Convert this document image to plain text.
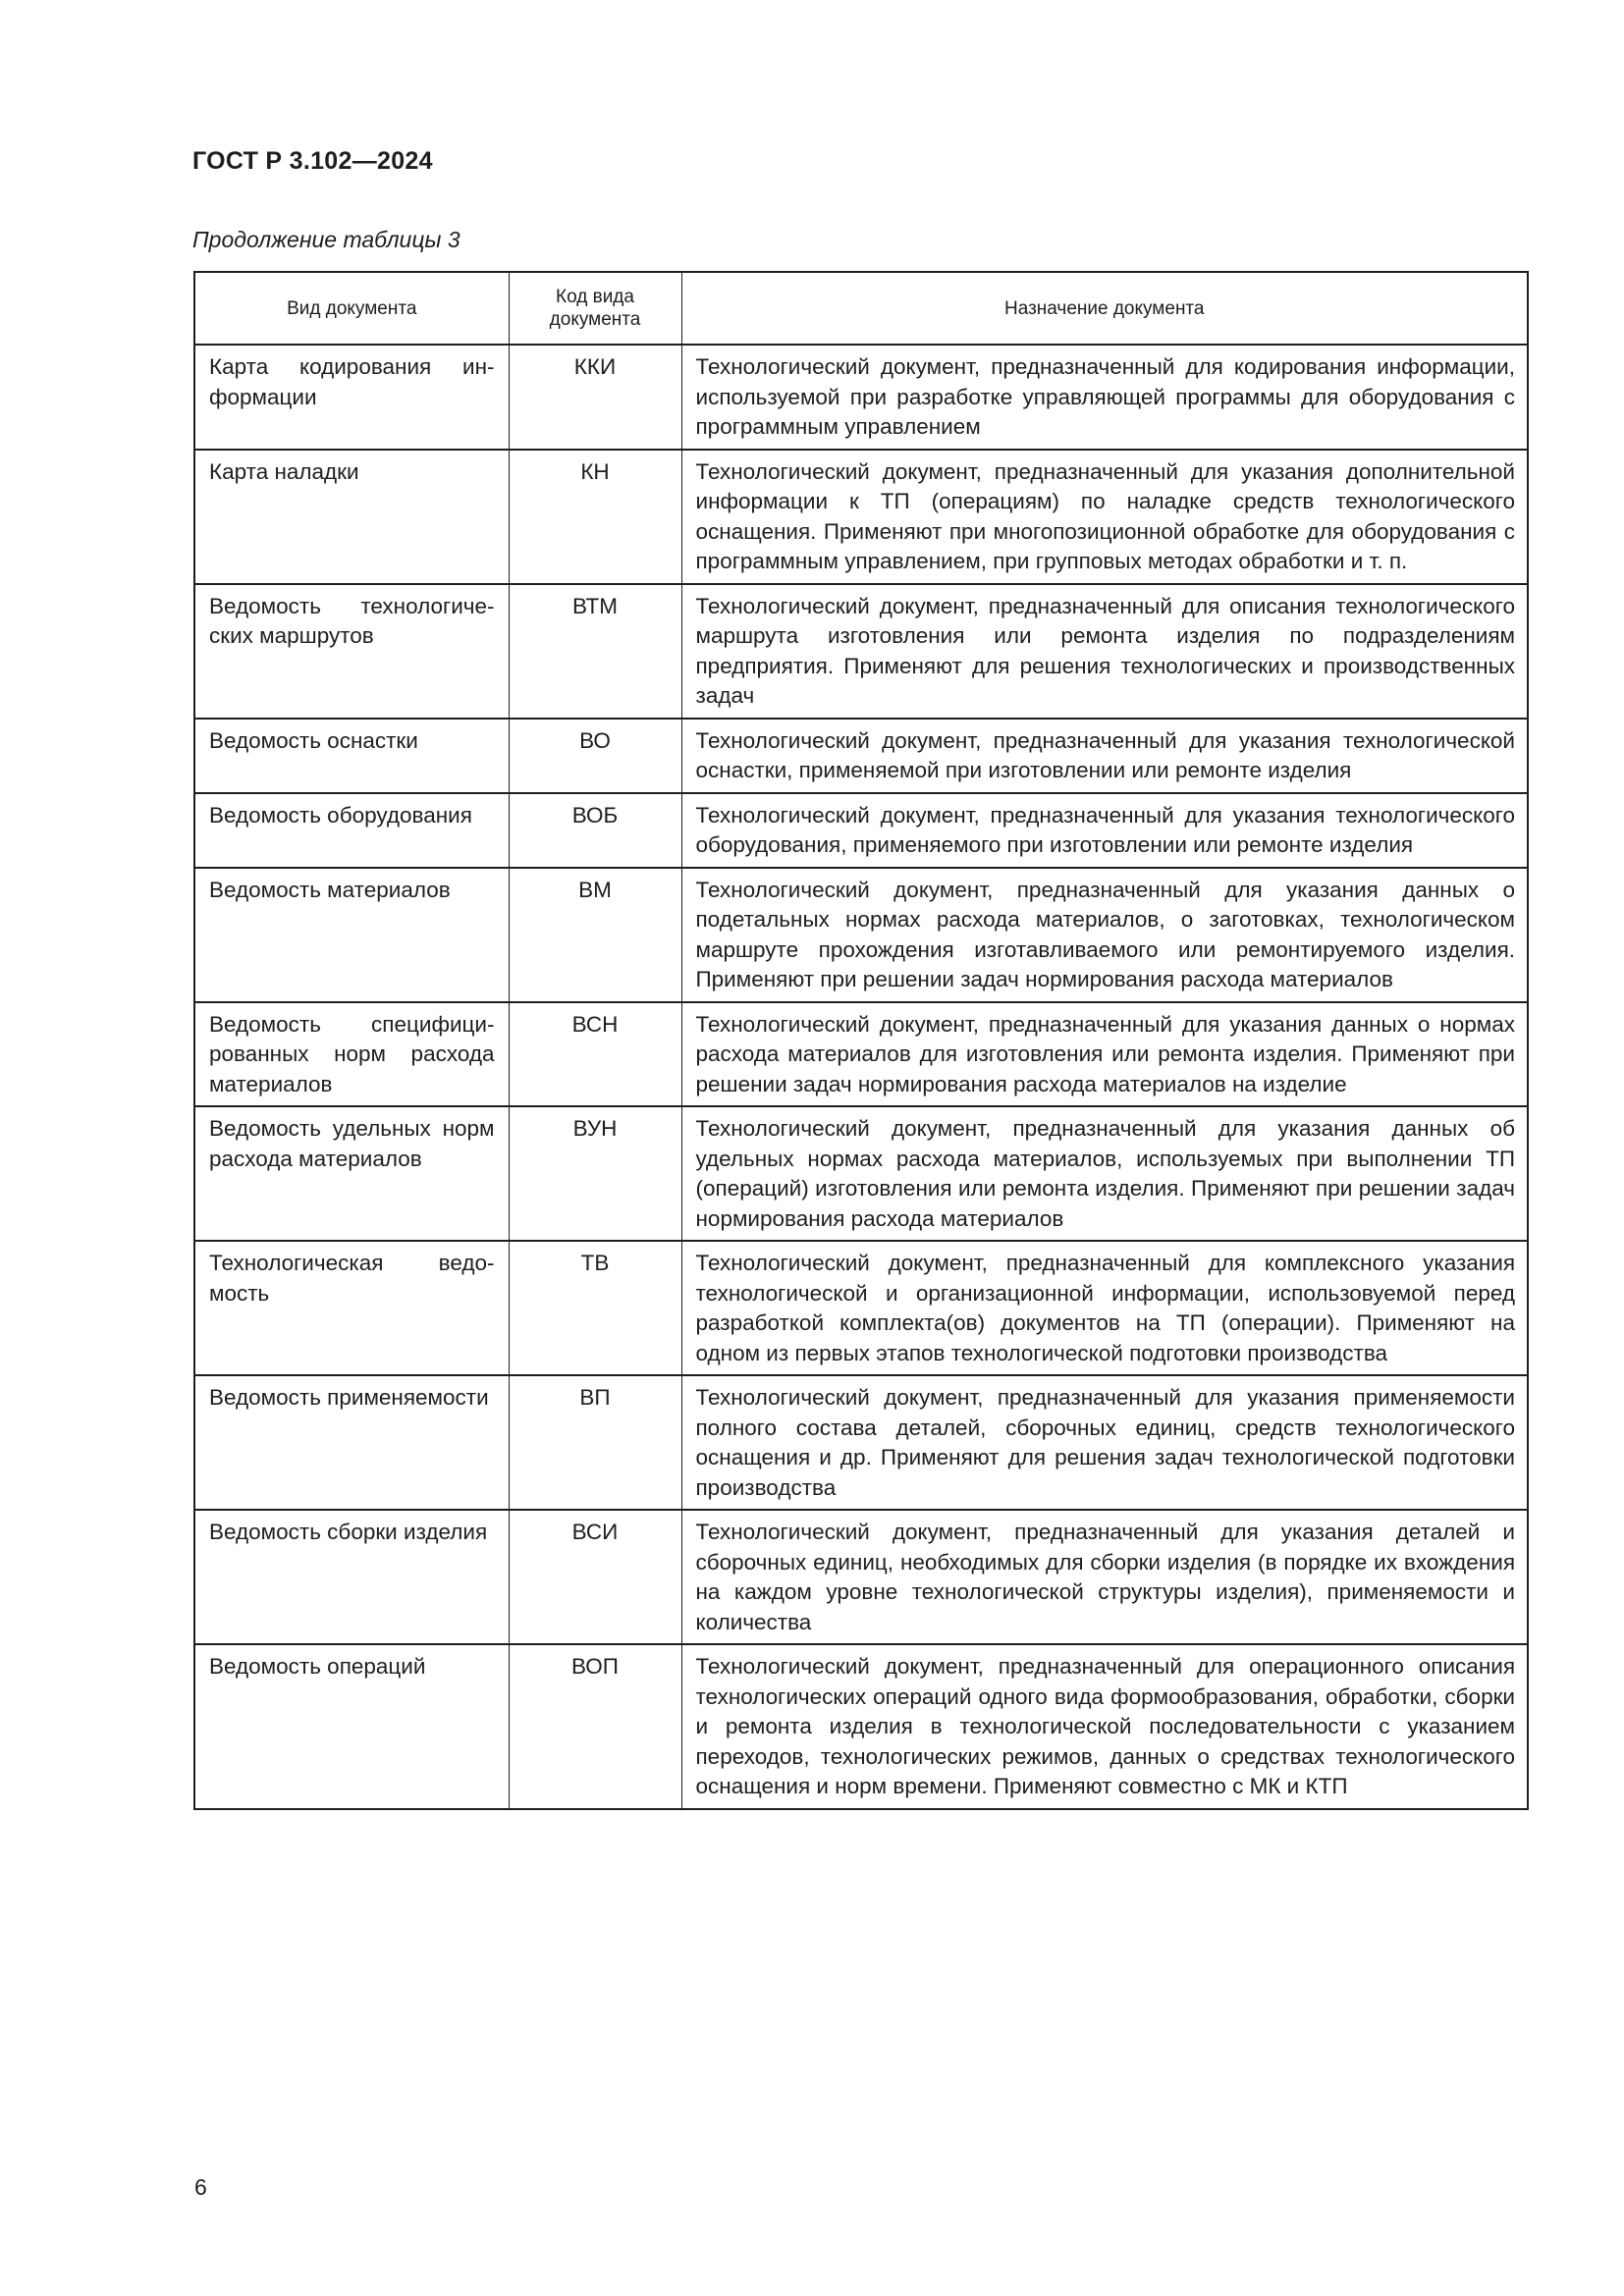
ГОСТ Р 3.102—2024
Продолжение таблицы 3
Вид документа	Код вида документа	Назначение документа
Карта кодирования информации	ККИ	Технологический документ, предназначенный для кодирования информации, используемой при разработке управляющей программы для оборудования с программным управлением
Карта наладки	КН	Технологический документ, предназначенный для указания дополнительной информации к ТП (операциям) по наладке средств технологического оснащения. Применяют при многопозиционной обработке для оборудования с программным управлением, при групповых методах обработки и т. п.
Ведомость технологических маршрутов	ВТМ	Технологический документ, предназначенный для описания технологического маршрута изготовления или ремонта изделия по подразделениям предприятия. Применяют для решения технологических и производственных задач
Ведомость оснастки	ВО	Технологический документ, предназначенный для указания технологической оснастки, применяемой при изготовлении или ремонте изделия
Ведомость оборудования	ВОБ	Технологический документ, предназначенный для указания технологического оборудования, применяемого при изготовлении или ремонте изделия
Ведомость материалов	ВМ	Технологический документ, предназначенный для указания данных о подетальных нормах расхода материалов, о заготовках, технологическом маршруте прохождения изготавливаемого или ремонтируемого изделия. Применяют при решении задач нормирования расхода материалов
Ведомость специфицированных норм расхода материалов	ВСН	Технологический документ, предназначенный для указания данных о нормах расхода материалов для изготовления или ремонта изделия. Применяют при решении задач нормирования расхода материалов на изделие
Ведомость удельных норм расхода материалов	ВУН	Технологический документ, предназначенный для указания данных об удельных нормах расхода материалов, используемых при выполнении ТП (операций) изготовления или ремонта изделия. Применяют при решении задач нормирования расхода материалов
Технологическая ведомость	ТВ	Технологический документ, предназначенный для комплексного указания технологической и организационной информации, использовуемой перед разработкой комплекта(ов) документов на ТП (операции). Применяют на одном из первых этапов технологической подготовки производства
Ведомость применяемости	ВП	Технологический документ, предназначенный для указания применяемости полного состава деталей, сборочных единиц, средств технологического оснащения и др. Применяют для решения задач технологической подготовки производства
Ведомость сборки изделия	ВСИ	Технологический документ, предназначенный для указания деталей и сборочных единиц, необходимых для сборки изделия (в порядке их вхождения на каждом уровне технологической структуры изделия), применяемости и количества
Ведомость операций	ВОП	Технологический документ, предназначенный для операционного описания технологических операций одного вида формообразования, обработки, сборки и ремонта изделия в технологической последовательности с указанием переходов, технологических режимов, данных о средствах технологического оснащения и норм времени. Применяют совместно с МК и КТП
6
